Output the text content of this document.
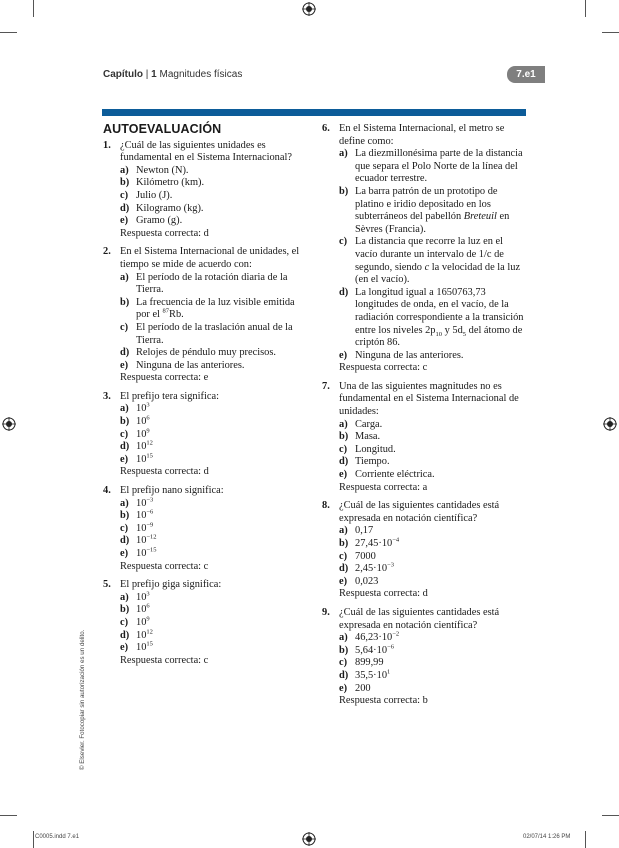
Capítulo | 1 Magnitudes físicas	7.e1
AUTOEVALUACIÓN
1. ¿Cuál de las siguientes unidades es fundamental en el Sistema Internacional?
a) Newton (N).
b) Kilómetro (km).
c) Julio (J).
d) Kilogramo (kg).
e) Gramo (g).
Respuesta correcta: d
2. En el Sistema Internacional de unidades, el tiempo se mide de acuerdo con:
a) El período de la rotación diaria de la Tierra.
b) La frecuencia de la luz visible emitida por el $^{87}$Rb.
c) El período de la traslación anual de la Tierra.
d) Relojes de péndulo muy precisos.
e) Ninguna de las anteriores.
Respuesta correcta: e
3. El prefijo tera significa:
a) $10^3$
b) $10^6$
c) $10^9$
d) $10^{12}$
e) $10^{15}$
Respuesta correcta: d
4. El prefijo nano significa:
a) $10^{-3}$
b) $10^{-6}$
c) $10^{-9}$
d) $10^{-12}$
e) $10^{-15}$
Respuesta correcta: c
5. El prefijo giga significa:
a) $10^3$
b) $10^6$
c) $10^9$
d) $10^{12}$
e) $10^{15}$
Respuesta correcta: c
6. En el Sistema Internacional, el metro se define como:
a) La diezmillonésima parte de la distancia que separa el Polo Norte de la línea del ecuador terrestre.
b) La barra patrón de un prototipo de platino e iridio depositado en los subterráneos del pabellón Breteuil en Sèvres (Francia).
c) La distancia que recorre la luz en el vacío durante un intervalo de 1/c de segundo, siendo c la velocidad de la luz (en el vacío).
d) La longitud igual a 1650763,73 longitudes de onda, en el vacío, de la radiación correspondiente a la transición entre los niveles $2p_{10}$ y $5d_5$ del átomo de criptón 86.
e) Ninguna de las anteriores.
Respuesta correcta: c
7. Una de las siguientes magnitudes no es fundamental en el Sistema Internacional de unidades:
a) Carga.
b) Masa.
c) Longitud.
d) Tiempo.
e) Corriente eléctrica.
Respuesta correcta: a
8. ¿Cuál de las siguientes cantidades está expresada en notación científica?
a) 0,17
b) $27,45\cdot 10^{-4}$
c) 7000
d) $2,45\cdot 10^{-3}$
e) 0,023
Respuesta correcta: d
9. ¿Cuál de las siguientes cantidades está expresada en notación científica?
a) $46,23\cdot 10^{-2}$
b) $5,64\cdot 10^{-6}$
c) 899,99
d) $35,5\cdot 10^1$
e) 200
Respuesta correcta: b
© Elsevier. Fotocopiar sin autorización es un delito.
C0005.indd 7.e1	02/07/14 1:26 PM
